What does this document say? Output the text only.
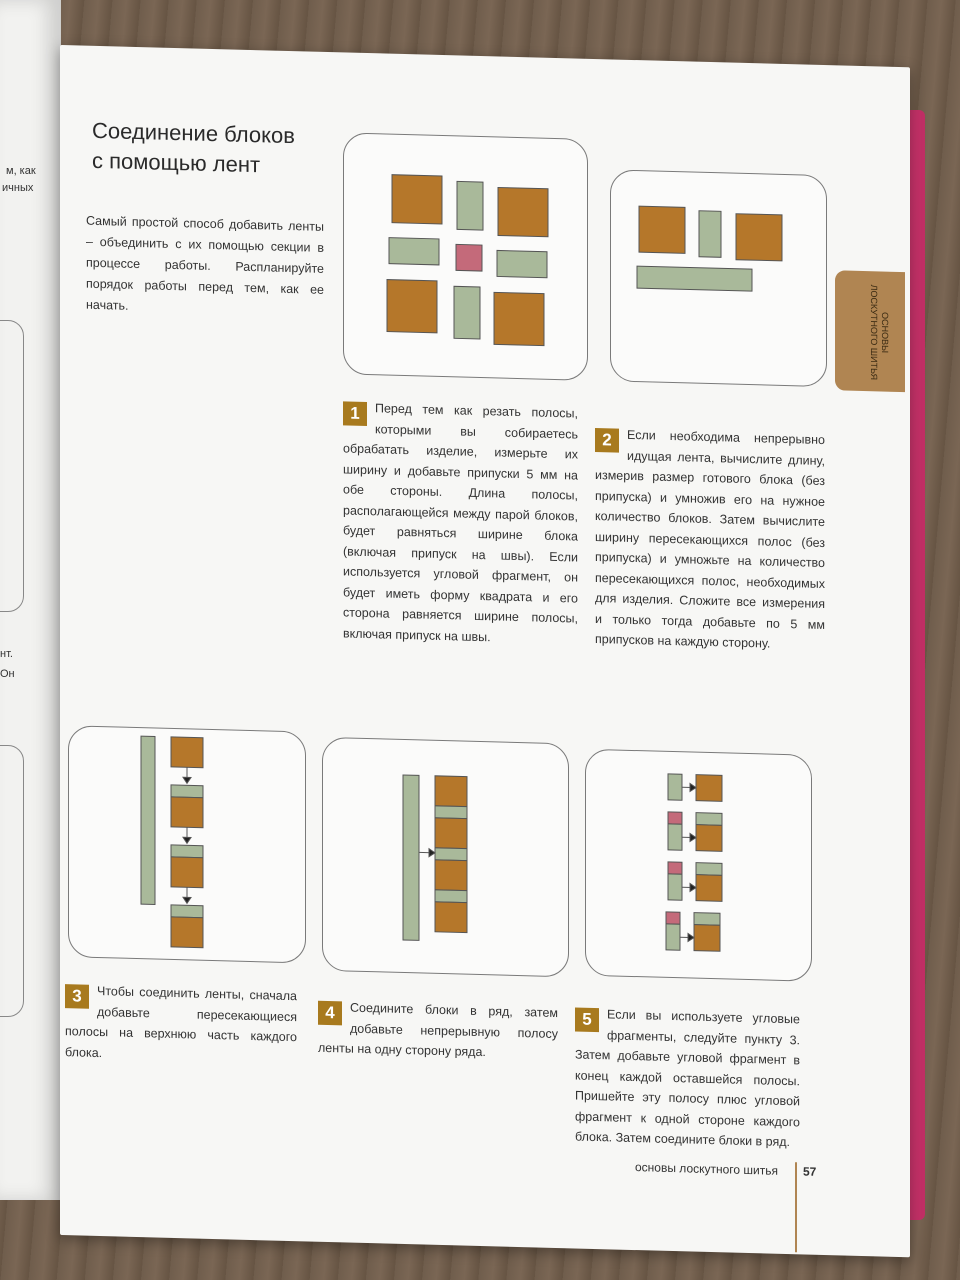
м, как
ичных
нт.
Он
Соединение блоков
с помощью лент
Самый простой способ добавить ленты – объединить с их помощью секции в процессе работы. Распланируйте порядок работы перед тем, как ее начать.
1	Перед тем как резать полосы, которыми вы собираетесь обрабатать изделие, измерьте их ширину и добавьте припуски 5 мм на обе стороны. Длина полосы, располагающейся между парой блоков, будет равняться ширине блока (включая припуск на швы). Если используется угловой фрагмент, он будет иметь форму квадрата и его сторона равняется ширине полосы, включая припуск на швы.
2	Если необходима непрерывно идущая лента, вычислите длину, измерив размер готового блока (без припуска) и умножив его на нужное количество блоков. Затем вычислите ширину пересекающихся полос (без припуска) и умножьте на количество пересекающихся полос, необходимых для изделия. Сложите все измерения и только тогда добавьте по 5 мм припусков на каждую сторону.
ОСНОВЫ ЛОСКУТНОГО ШИТЬЯ
3	Чтобы соединить ленты, сначала добавьте пересекающиеся полосы на верхнюю часть каждого блока.
4	Соедините блоки в ряд, затем добавьте непрерывную полосу ленты на одну сторону ряда.
5	Если вы используете угловые фрагменты, следуйте пункту 3. Затем добавьте угловой фрагмент в конец каждой оставшейся полосы. Пришейте эту полосу плюс угловой фрагмент к одной стороне каждого блока. Затем соедините блоки в ряд.
основы лоскутного шитья 57
